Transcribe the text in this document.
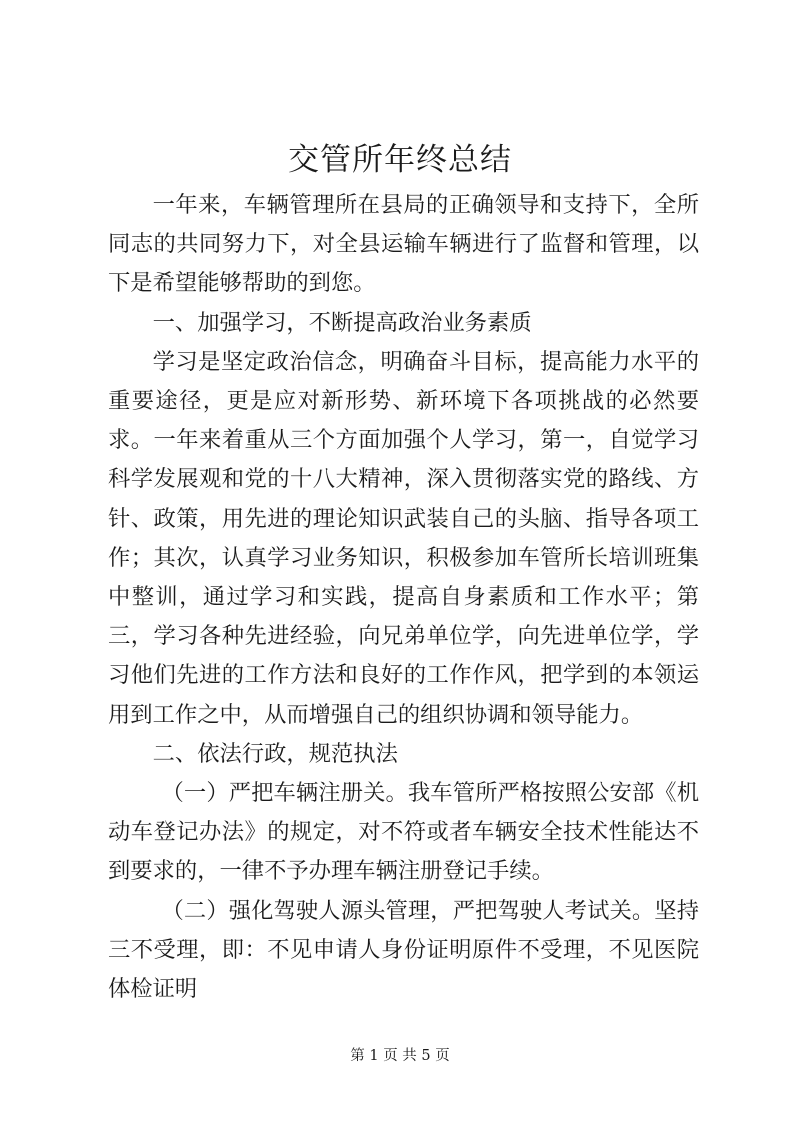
交管所年终总结

一年来，车辆管理所在县局的正确领导和支持下，全所同志的共同努力下，对全县运输车辆进行了监督和管理，以下是希望能够帮助的到您。

一、加强学习，不断提高政治业务素质

学习是坚定政治信念，明确奋斗目标，提高能力水平的重要途径，更是应对新形势、新环境下各项挑战的必然要求。一年来着重从三个方面加强个人学习，第一，自觉学习科学发展观和党的十八大精神，深入贯彻落实党的路线、方针、政策，用先进的理论知识武装自己的头脑、指导各项工作；其次，认真学习业务知识，积极参加车管所长培训班集中整训，通过学习和实践，提高自身素质和工作水平；第三，学习各种先进经验，向兄弟单位学，向先进单位学，学习他们先进的工作方法和良好的工作作风，把学到的本领运用到工作之中，从而增强自己的组织协调和领导能力。

二、依法行政，规范执法

（一）严把车辆注册关。我车管所严格按照公安部《机动车登记办法》的规定，对不符或者车辆安全技术性能达不到要求的，一律不予办理车辆注册登记手续。

（二）强化驾驶人源头管理，严把驾驶人考试关。坚持三不受理，即：不见申请人身份证明原件不受理，不见医院体检证明

第 1 页 共 5 页
